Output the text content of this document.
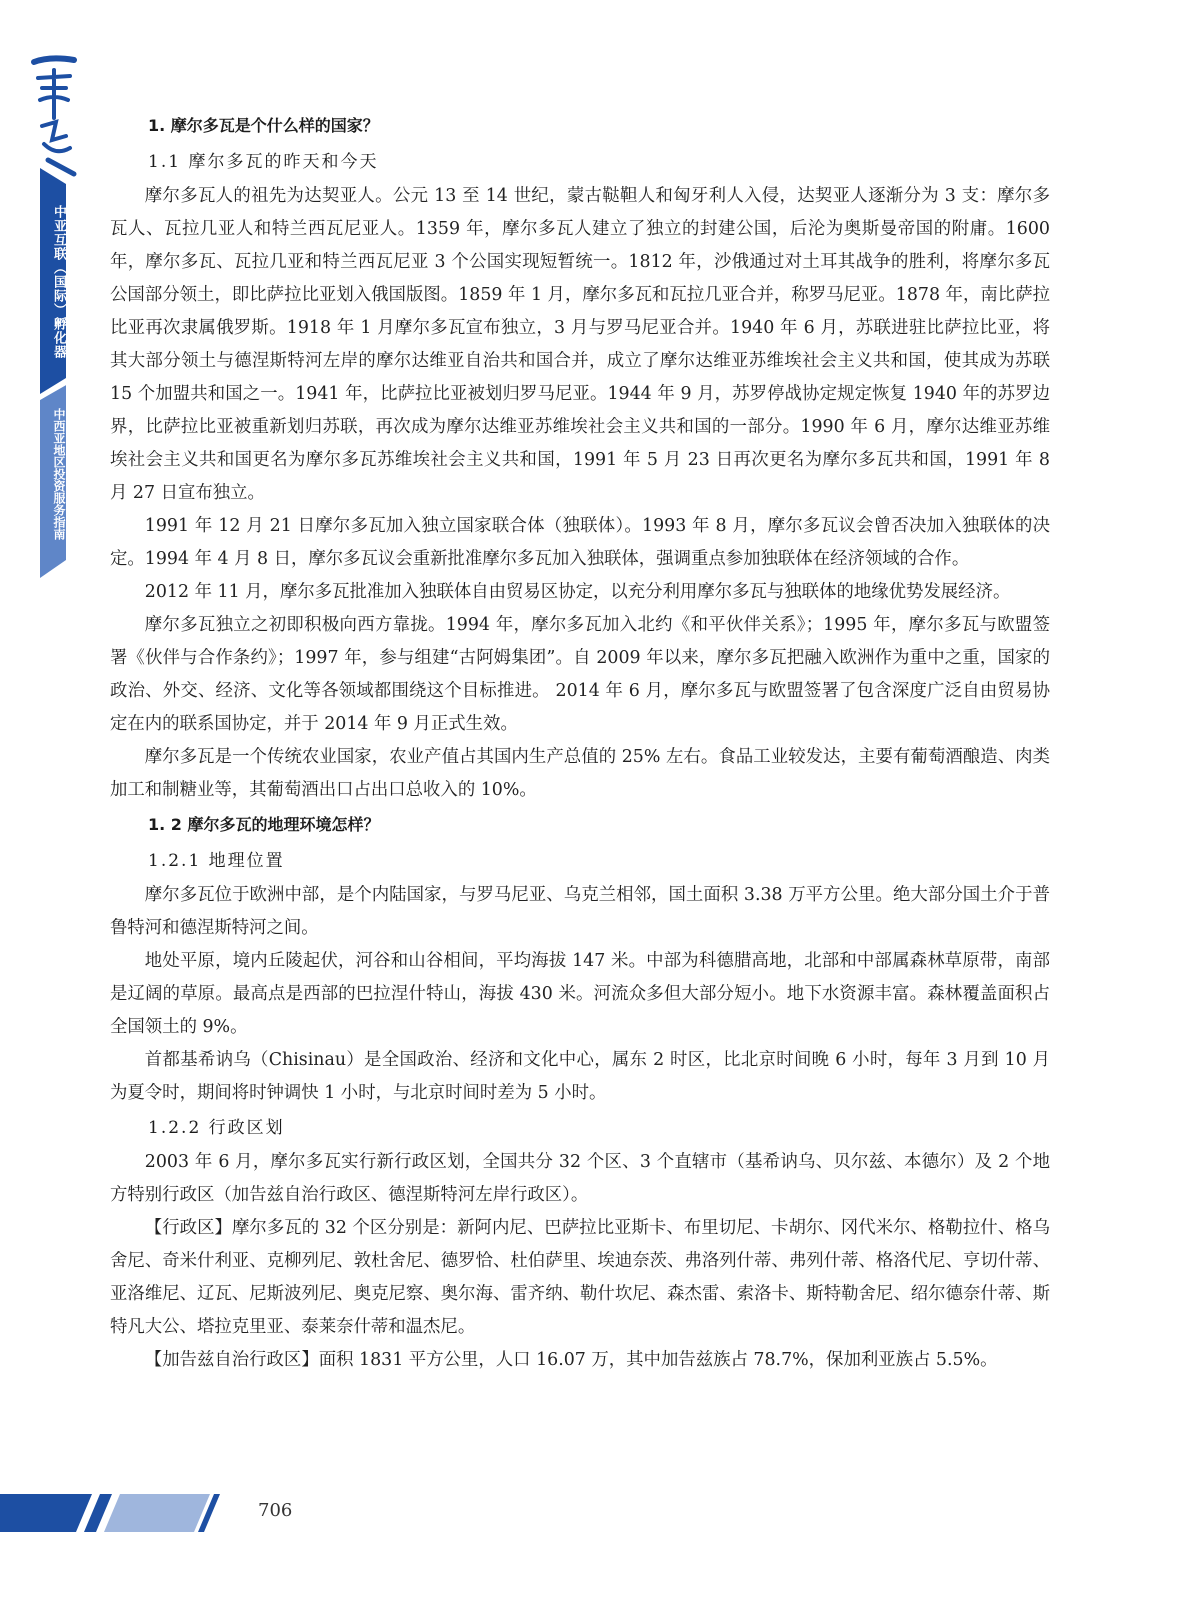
中亚互联（国际）孵化器
中西亚地区投资服务指南
1. 摩尔多瓦是个什么样的国家？
1.1 摩尔多瓦的昨天和今天

摩尔多瓦人的祖先为达契亚人。公元 13 至 14 世纪，蒙古鞑靼人和匈牙利人入侵，达契亚人逐渐分为 3 支：摩尔多瓦人、瓦拉几亚人和特兰西瓦尼亚人。1359 年，摩尔多瓦人建立了独立的封建公国，后沦为奥斯曼帝国的附庸。1600 年，摩尔多瓦、瓦拉几亚和特兰西瓦尼亚 3 个公国实现短暂统一。1812 年，沙俄通过对土耳其战争的胜利，将摩尔多瓦公国部分领土，即比萨拉比亚划入俄国版图。1859 年 1 月，摩尔多瓦和瓦拉几亚合并，称罗马尼亚。1878 年，南比萨拉比亚再次隶属俄罗斯。1918 年 1 月摩尔多瓦宣布独立，3 月与罗马尼亚合并。1940 年 6 月，苏联进驻比萨拉比亚，将其大部分领土与德涅斯特河左岸的摩尔达维亚自治共和国合并，成立了摩尔达维亚苏维埃社会主义共和国，使其成为苏联 15 个加盟共和国之一。1941 年，比萨拉比亚被划归罗马尼亚。1944 年 9 月，苏罗停战协定规定恢复 1940 年的苏罗边界，比萨拉比亚被重新划归苏联，再次成为摩尔达维亚苏维埃社会主义共和国的一部分。1990 年 6 月，摩尔达维亚苏维埃社会主义共和国更名为摩尔多瓦苏维埃社会主义共和国，1991 年 5 月 23 日再次更名为摩尔多瓦共和国，1991 年 8 月 27 日宣布独立。

1991 年 12 月 21 日摩尔多瓦加入独立国家联合体（独联体）。1993 年 8 月，摩尔多瓦议会曾否决加入独联体的决定。1994 年 4 月 8 日，摩尔多瓦议会重新批准摩尔多瓦加入独联体，强调重点参加独联体在经济领域的合作。

2012 年 11 月，摩尔多瓦批准加入独联体自由贸易区协定，以充分利用摩尔多瓦与独联体的地缘优势发展经济。

摩尔多瓦独立之初即积极向西方靠拢。1994 年，摩尔多瓦加入北约《和平伙伴关系》；1995 年，摩尔多瓦与欧盟签署《伙伴与合作条约》；1997 年，参与组建“古阿姆集团”。自 2009 年以来，摩尔多瓦把融入欧洲作为重中之重，国家的政治、外交、经济、文化等各领域都围绕这个目标推进。 2014 年 6 月，摩尔多瓦与欧盟签署了包含深度广泛自由贸易协定在内的联系国协定，并于 2014 年 9 月正式生效。

摩尔多瓦是一个传统农业国家，农业产值占其国内生产总值的 25% 左右。食品工业较发达，主要有葡萄酒酿造、肉类加工和制糖业等，其葡萄酒出口占出口总收入的 10%。

1. 2 摩尔多瓦的地理环境怎样？
1.2.1 地理位置

摩尔多瓦位于欧洲中部，是个内陆国家，与罗马尼亚、乌克兰相邻，国土面积 3.38 万平方公里。绝大部分国土介于普鲁特河和德涅斯特河之间。

地处平原，境内丘陵起伏，河谷和山谷相间，平均海拔 147 米。中部为科德腊高地，北部和中部属森林草原带，南部是辽阔的草原。最高点是西部的巴拉涅什特山，海拔 430 米。河流众多但大部分短小。地下水资源丰富。森林覆盖面积占全国领土的 9%。

首都基希讷乌（Chisinau）是全国政治、经济和文化中心，属东 2 时区，比北京时间晚 6 小时，每年 3 月到 10 月为夏令时，期间将时钟调快 1 小时，与北京时间时差为 5 小时。

1.2.2 行政区划

2003 年 6 月，摩尔多瓦实行新行政区划，全国共分 32 个区、3 个直辖市（基希讷乌、贝尔兹、本德尔）及 2 个地方特别行政区（加告兹自治行政区、德涅斯特河左岸行政区）。

【行政区】摩尔多瓦的 32 个区分别是：新阿内尼、巴萨拉比亚斯卡、布里切尼、卡胡尔、冈代米尔、格勒拉什、格乌舍尼、奇米什利亚、克柳列尼、敦杜舍尼、德罗恰、杜伯萨里、埃迪奈茨、弗洛列什蒂、弗列什蒂、格洛代尼、亨切什蒂、亚洛维尼、辽瓦、尼斯波列尼、奥克尼察、奥尔海、雷齐纳、勒什坎尼、森杰雷、索洛卡、斯特勒舍尼、绍尔德奈什蒂、斯特凡大公、塔拉克里亚、泰莱奈什蒂和温杰尼。

【加告兹自治行政区】面积 1831 平方公里，人口 16.07 万，其中加告兹族占 78.7%，保加利亚族占 5.5%。

706
